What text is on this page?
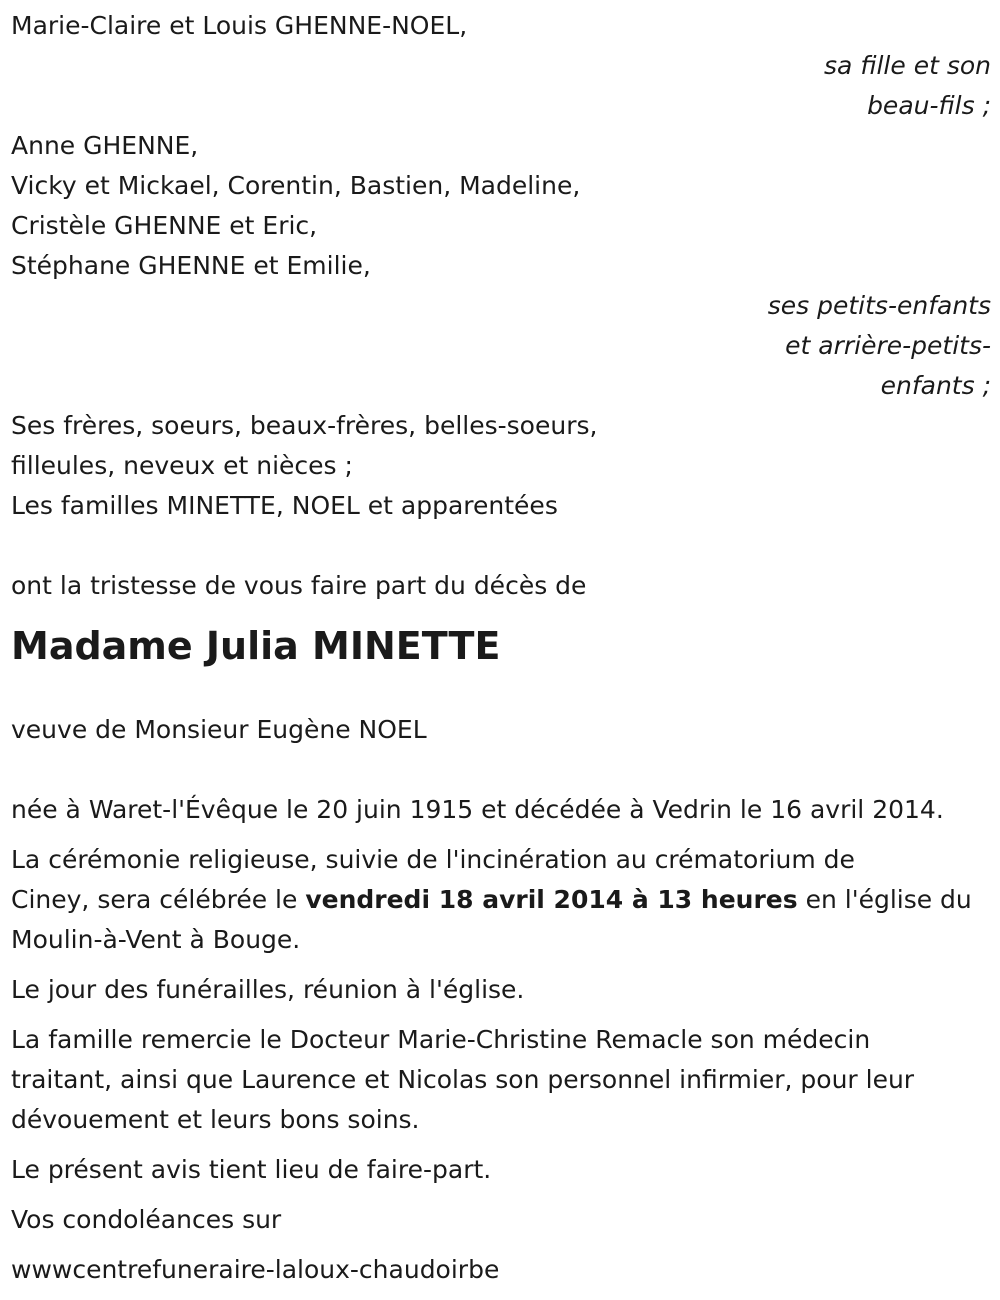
Marie-Claire et Louis GHENNE-NOEL,
sa fille et son
beau-fils ;
Anne GHENNE,
Vicky et Mickael, Corentin, Bastien, Madeline,
Cristèle GHENNE et Eric,
Stéphane GHENNE et Emilie,
ses petits-enfants
et arrière-petits-
enfants ;
Ses frères, soeurs, beaux-frères, belles-soeurs,
filleules, neveux et nièces ;
Les familles MINETTE, NOEL et apparentées
ont la tristesse de vous faire part du décès de
Madame Julia MINETTE
veuve de Monsieur Eugène NOEL
née à Waret-l'Évêque le 20 juin 1915 et décédée à Vedrin le 16 avril 2014.
La cérémonie religieuse, suivie de l'incinération au crématorium de
Ciney, sera célébrée le vendredi 18 avril 2014 à 13 heures en l'église du
Moulin-à-Vent à Bouge.
Le jour des funérailles, réunion à l'église.
La famille remercie le Docteur Marie-Christine Remacle son médecin
traitant, ainsi que Laurence et Nicolas son personnel infirmier, pour leur
dévouement et leurs bons soins.
Le présent avis tient lieu de faire-part.
Vos condoléances sur
wwwcentrefuneraire-laloux-chaudoirbe
